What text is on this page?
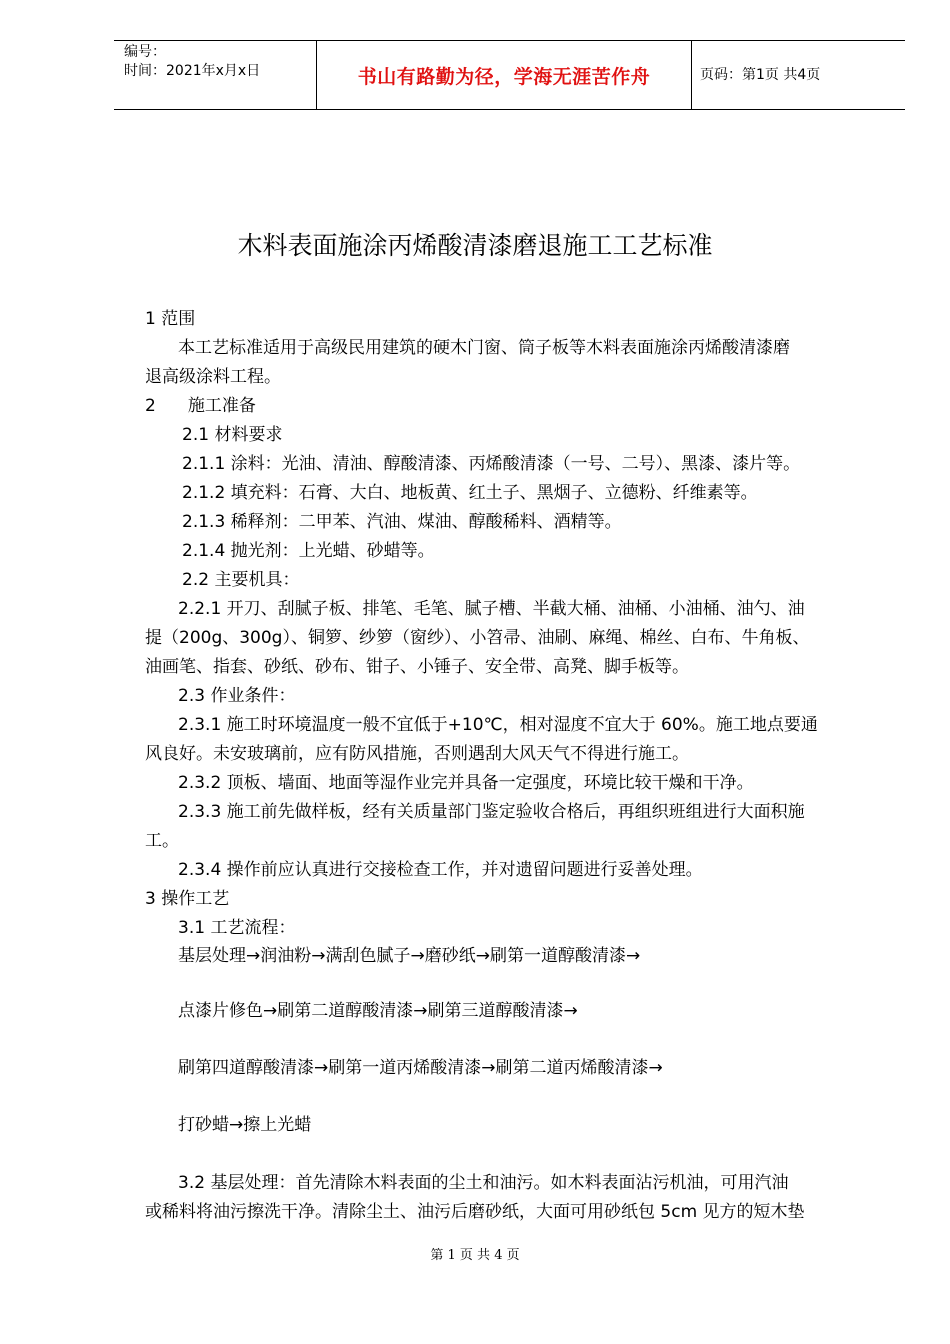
编号：
时间：2021年x月x日	书山有路勤为径，学海无涯苦作舟	页码：第1页 共4页
木料表面施涂丙烯酸清漆磨退施工工艺标准
1 范围
本工艺标准适用于高级民用建筑的硬木门窗、筒子板等木料表面施涂丙烯酸清漆磨
退高级涂料工程。
2 施工准备
2.1 材料要求
2.1.1 涂料：光油、清油、醇酸清漆、丙烯酸清漆（一号、二号）、黑漆、漆片等。
2.1.2 填充料：石膏、大白、地板黄、红土子、黑烟子、立德粉、纤维素等。
2.1.3 稀释剂：二甲苯、汽油、煤油、醇酸稀料、酒精等。
2.1.4 抛光剂：上光蜡、砂蜡等。
2.2 主要机具：
2.2.1 开刀、刮腻子板、排笔、毛笔、腻子槽、半截大桶、油桶、小油桶、油勺、油
提（200g、300g）、铜箩、纱箩（窗纱）、小笤帚、油刷、麻绳、棉丝、白布、牛角板、
油画笔、指套、砂纸、砂布、钳子、小锤子、安全带、高凳、脚手板等。
2.3 作业条件：
2.3.1 施工时环境温度一般不宜低于+10℃，相对湿度不宜大于 60%。施工地点要通
风良好。未安玻璃前，应有防风措施，否则遇刮大风天气不得进行施工。
2.3.2 顶板、墙面、地面等湿作业完并具备一定强度，环境比较干燥和干净。
2.3.3 施工前先做样板，经有关质量部门鉴定验收合格后，再组织班组进行大面积施
工。
2.3.4 操作前应认真进行交接检查工作，并对遗留问题进行妥善处理。
3 操作工艺
3.1 工艺流程：
基层处理→润油粉→满刮色腻子→磨砂纸→刷第一道醇酸清漆→
点漆片修色→刷第二道醇酸清漆→刷第三道醇酸清漆→
刷第四道醇酸清漆→刷第一道丙烯酸清漆→刷第二道丙烯酸清漆→
打砂蜡→擦上光蜡
3.2 基层处理：首先清除木料表面的尘土和油污。如木料表面沾污机油，可用汽油
或稀料将油污擦洗干净。清除尘土、油污后磨砂纸，大面可用砂纸包 5cm 见方的短木垫
第 1 页 共 4 页
